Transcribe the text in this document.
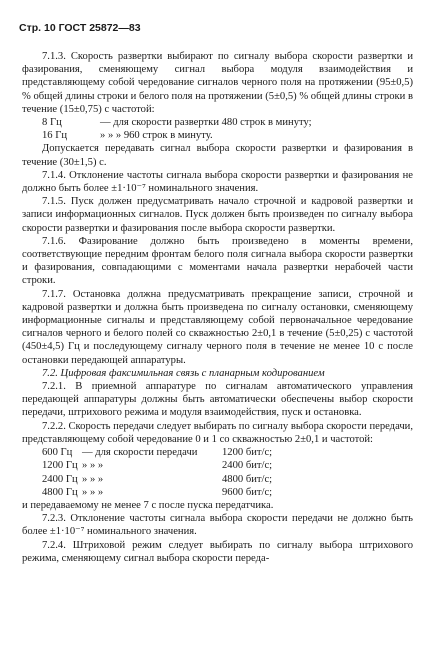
Стр. 10 ГОСТ 25872—83

7.1.3. Скорость развертки выбирают по сигналу выбора скорости развертки и фазирования, сменяющему сигнал выбора модуля взаимодействия и представляющему собой чередование сигналов черного поля на протяжении (95±0,5) % общей длины строки и белого поля на протяжении (5±0,5) % общей длины строки в течение (15±0,75) с частотой:

8 Гц	— для скорости развертки 480 строк в минуту;
16 Гц	» » » 960 строк в минуту.

Допускается передавать сигнал выбора скорости развертки и фазирования в течение (30±1,5) с.

7.1.4. Отклонение частоты сигнала выбора скорости развертки и фазирования не должно быть более ±1·10⁻⁷ номинального значения.

7.1.5. Пуск должен предусматривать начало строчной и кадровой развертки и записи информационных сигналов. Пуск должен быть произведен по сигналу выбора скорости развертки и фазирования после выбора скорости развертки.

7.1.6. Фазирование должно быть произведено в моменты времени, соответствующие передним фронтам белого поля сигнала выбора скорости развертки и фазирования, совпадающими с моментами начала развертки нерабочей части строки.

7.1.7. Остановка должна предусматривать прекращение записи, строчной и кадровой развертки и должна быть произведена по сигналу остановки, сменяющему информационные сигналы и представляющему собой первоначальное чередование сигналов черного и белого полей со скважностью 2±0,1 в течение (5±0,25) с частотой (450±4,5) Гц и последующему сигналу черного поля в течение не менее 10 с после остановки передающей аппаратуры.

7.2. Цифровая факсимильная связь с планарным кодированием

7.2.1. В приемной аппаратуре по сигналам автоматического управления передающей аппаратуры должны быть автоматически обеспечены выбор скорости передачи, штрихового режима и модуля взаимодействия, пуск и остановка.

7.2.2. Скорость передачи следует выбирать по сигналу выбора скорости передачи, представляющему собой чередование 0 и 1 со скважностью 2±0,1 и частотой:

600 Гц — для скорости передачи	1200 бит/с;
1200 Гц » » »	2400 бит/с;
2400 Гц » » »	4800 бит/с;
4800 Гц » » »	9600 бит/с;

и передаваемому не менее 7 с после пуска передатчика.

7.2.3. Отклонение частоты сигнала выбора скорости передачи не должно быть более ±1·10⁻⁷ номинального значения.

7.2.4. Штриховой режим следует выбирать по сигналу выбора штрихового режима, сменяющему сигнал выбора скорости переда-
